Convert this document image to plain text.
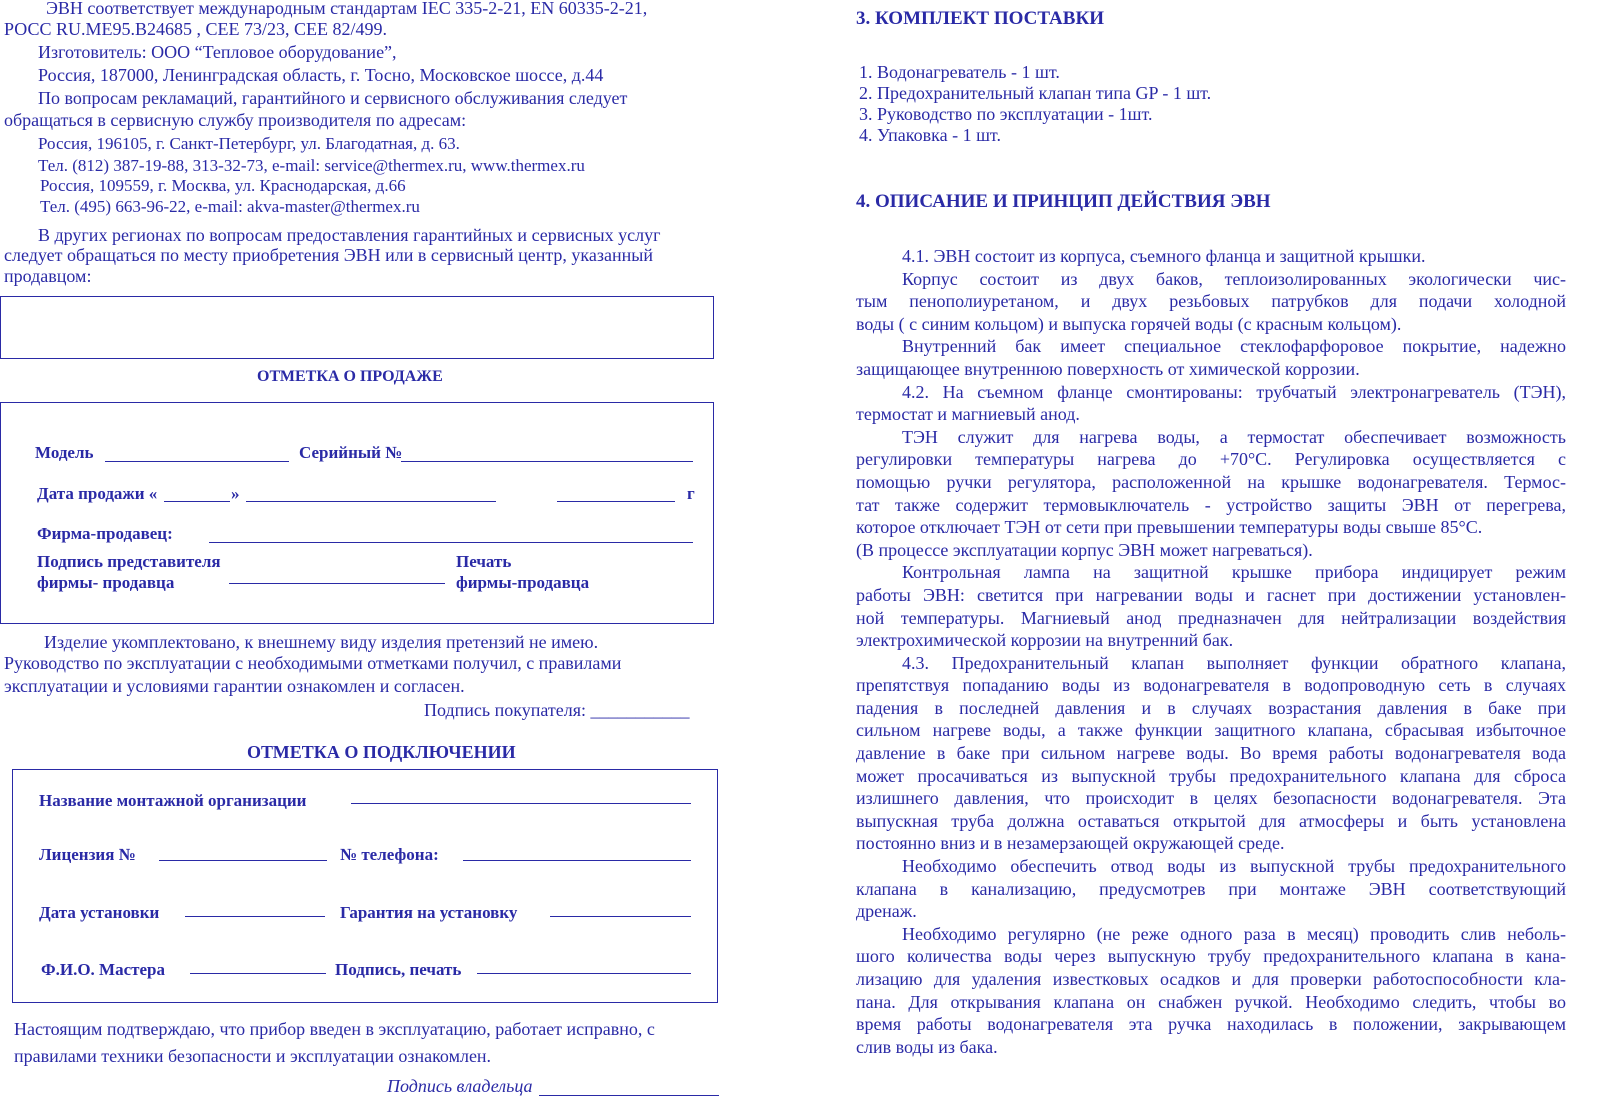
ЭВН соответствует международным стандартам IEC 335-2-21, EN 60335-2-21,
РОСС RU.МЕ95.В24685 , СЕЕ 73/23, СЕЕ 82/499.
Изготовитель: ООО “Тепловое оборудование”,
Россия, 187000, Ленинградская область, г. Тосно, Московское шоссе, д.44
По вопросам рекламаций, гарантийного и сервисного обслуживания следует
обращаться в сервисную службу производителя по адресам:
Россия, 196105, г. Санкт-Петербург, ул. Благодатная, д. 63.
Тел. (812) 387-19-88, 313-32-73, e-mail: service@thermex.ru, www.thermex.ru
Россия, 109559, г. Москва, ул. Краснодарская, д.66
Тел. (495) 663-96-22, e-mail: akva-master@thermex.ru
В других регионах по вопросам предоставления гарантийных и сервисных услуг
следует обращаться по месту приобретения ЭВН или в сервисный центр, указанный
продавцом:
ОТМЕТКА О ПРОДАЖЕ
Модель	Серийный №
Дата продажи «	»	г
Фирма-продавец:
Подпись представителя
фирмы- продавца
Печать
фирмы-продавца
Изделие укомплектовано, к внешнему виду изделия претензий не имею.
Руководство по эксплуатации с необходимыми отметками получил, с правилами
эксплуатации и условиями гарантии ознакомлен и согласен.
Подпись покупателя: ___________
ОТМЕТКА О ПОДКЛЮЧЕНИИ
Название монтажной организации
Лицензия №	№ телефона:
Дата установки	Гарантия на установку
Ф.И.О. Мастера	Подпись, печать
Настоящим подтверждаю, что прибор введен в эксплуатацию, работает исправно, с
правилами техники безопасности и эксплуатации ознакомлен.
Подпись владельца
3. КОМПЛЕКТ ПОСТАВКИ
1. Водонагреватель - 1 шт.
2. Предохранительный клапан типа GP - 1 шт.
3. Руководство по эксплуатации - 1шт.
4. Упаковка - 1 шт.
4. ОПИСАНИЕ И ПРИНЦИП ДЕЙСТВИЯ ЭВН
4.1. ЭВН состоит из корпуса, съемного фланца и защитной крышки.
Корпус состоит из двух баков, теплоизолированных экологически чис-
тым пенополиуретаном, и двух резьбовых патрубков для подачи холодной
воды ( с синим кольцом) и выпуска горячей воды (с красным кольцом).
Внутренний бак имеет специальное стеклофарфоровое покрытие, надежно
защищающее внутреннюю поверхность от химической коррозии.
4.2. На съемном фланце смонтированы: трубчатый электронагреватель (ТЭН),
термостат и магниевый анод.
ТЭН служит для нагрева воды, а термостат обеспечивает возможность
регулировки температуры нагрева до +70°С. Регулировка осуществляется с
помощью ручки регулятора, расположенной на крышке водонагревателя. Термос-
тат также содержит термовыключатель - устройство защиты ЭВН от перегрева,
которое отключает ТЭН от сети при превышении температуры воды свыше 85°С.
(В процессе эксплуатации корпус ЭВН может нагреваться).
Контрольная лампа на защитной крышке прибора индицирует режим
работы ЭВН: светится при нагревании воды и гаснет при достижении установлен-
ной температуры. Магниевый анод предназначен для нейтрализации воздействия
электрохимической коррозии на внутренний бак.
4.3. Предохранительный клапан выполняет функции обратного клапана,
препятствуя попаданию воды из водонагревателя в водопроводную сеть в случаях
падения в последней давления и в случаях возрастания давления в баке при
сильном нагреве воды, а также функции защитного клапана, сбрасывая избыточное
давление в баке при сильном нагреве воды. Во время работы водонагревателя вода
может просачиваться из выпускной трубы предохранительного клапана для сброса
излишнего давления, что происходит в целях безопасности водонагревателя. Эта
выпускная труба должна оставаться открытой для атмосферы и быть установлена
постоянно вниз и в незамерзающей окружающей среде.
Необходимо обеспечить отвод воды из выпускной трубы предохранительного
клапана в канализацию, предусмотрев при монтаже ЭВН соответствующий
дренаж.
Необходимо регулярно (не реже одного раза в месяц) проводить слив неболь-
шого количества воды через выпускную трубу предохранительного клапана в кана-
лизацию для удаления известковых осадков и для проверки работоспособности кла-
пана. Для открывания клапана он снабжен ручкой. Необходимо следить, чтобы во
время работы водонагревателя эта ручка находилась в положении, закрывающем
слив воды из бака.
